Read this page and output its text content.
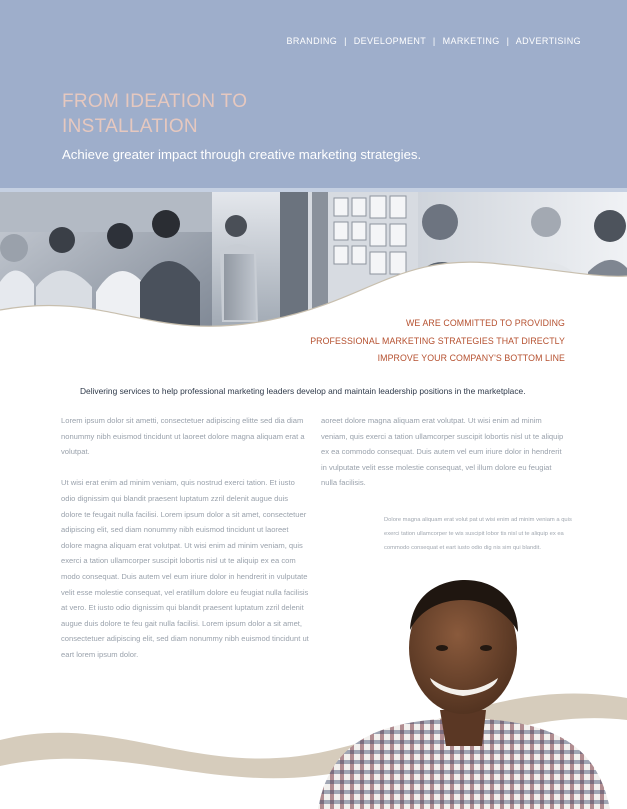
BRANDING | DEVELOPMENT | MARKETING | ADVERTISING
FROM IDEATION TO INSTALLATION
Achieve greater impact through creative marketing strategies.
WE ARE COMMITTED TO PROVIDING
PROFESSIONAL MARKETING STRATEGIES THAT DIRECTLY
IMPROVE YOUR COMPANY'S BOTTOM LINE
Delivering services to help professional marketing leaders develop and maintain leadership positions in the marketplace.

Lorem ipsum dolor sit ametti, consectetuer adipiscing elitte sed dia diam nonummy nibh euismod tincidunt ut laoreet dolore magna aliquam erat a volutpat.

Ut wisi erat enim ad minim veniam, quis nostrud exerci tation. Et iusto odio dignissim qui blandit praesent luptatum zzril delenit augue duis dolore te feugait nulla facilisi. Lorem ipsum dolor a sit amet, consectetuer adipiscing elit, sed diam nonummy nibh euismod tincidunt ut laoreet dolore magna aliquam erat volutpat. Ut wisi enim ad minim veniam, quis exerci a tation ullamcorper suscipit lobortis nisl ut te aliquip ex ea com modo consequat. Duis autem vel eum iriure dolor in hendrerit in vulputate velit esse molestie consequat, vel eratillum dolore eu feugiat nulla facilisis at vero. Et iusto odio dignissim qui blandit praesent luptatum zzril delenit augue duis dolore te feu gait nulla facilisi. Lorem ipsum dolor a sit amet, consectetuer adipiscing elit, sed diam nonummy nibh euismod tincidunt ut eart lorem ipsum dolor.

aoreet dolore magna aliquam erat volutpat. Ut wisi enim ad minim veniam, quis exerci a tation ullamcorper suscipit lobortis nisl ut te aliquip ex ea commodo consequat. Duis autem vel eum iriure dolor in hendrerit in vulputate velit esse molestie consequat, vel illum dolore eu feugiat nulla facilisis.

Dolore magna aliquam erat volut pat ut wisi enim ad minim veniam a quis exerci tation ullamcorper te wis suscipit lobor tis nisl ut te aliquip ex ea commodo consequat et eart iusto odio dig nis sim qui blandit.
